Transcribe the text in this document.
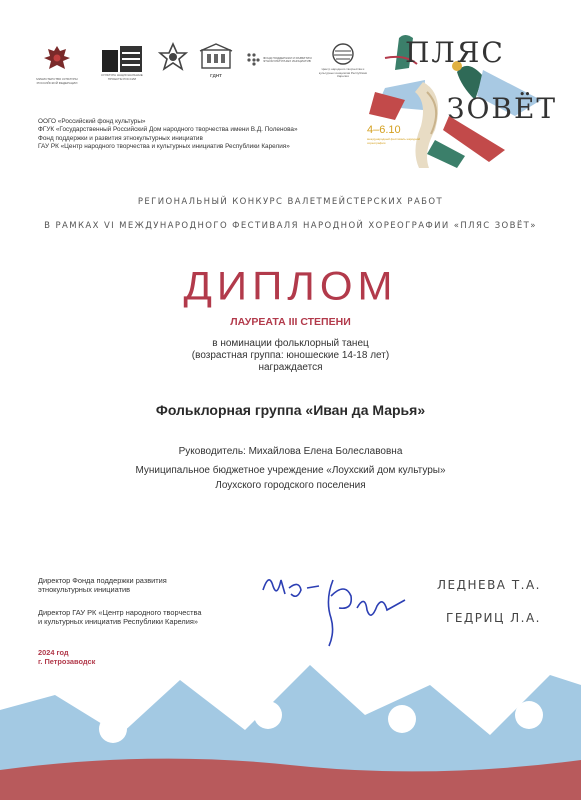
МИНИСТЕРСТВО КУЛЬТУРЫ РОССИЙСКОЙ ФЕДЕРАЦИИ
КУЛЬТУРА НАЦИОНАЛЬНЫЕ ПРОЕКТЫ РОССИИ
ГДНТ
ФОНД ПОДДЕРЖКИ И РАЗВИТИЯ ЭТНОКУЛЬТУРНЫХ ИНИЦИАТИВ
Центр народного творчества и культурных инициатив Республики Карелия
ПЛЯС
ЗОВЁТ
4–6.10
международный фестиваль народной хореографии
ООГО «Российский фонд культуры»
ФГУК «Государственный Российский Дом народного творчества имени В.Д. Поленова»
Фонд поддержки и развития этнокультурных инициатив
ГАУ РК «Центр народного творчества и культурных инициатив Республики Карелия»
РЕГИОНАЛЬНЫЙ КОНКУРС ВАЛЕТМЕЙСТЕРСКИХ РАБОТ
В РАМКАХ VI МЕЖДУНАРОДНОГО ФЕСТИВАЛЯ НАРОДНОЙ ХОРЕОГРАФИИ «ПЛЯС ЗОВЁТ»
ДИПЛОМ
ЛАУРЕАТА III СТЕПЕНИ
в номинации фольклорный танец
(возрастная группа: юношеские 14-18 лет)
награждается
Фольклорная группа «Иван да Марья»
Руководитель: Михайлова Елена Болеславовна
Муниципальное бюджетное учреждение «Лоухский дом культуры»
Лоухского городского поселения
Директор Фонда поддержки развития
этнокультурных инициатив	ЛЕДНЕВА Т.А.
Директор ГАУ РК «Центр народного творчества
и культурных инициатив Республики Карелия»	ГЕДРИЦ Л.А.
2024 год
г. Петрозаводск
